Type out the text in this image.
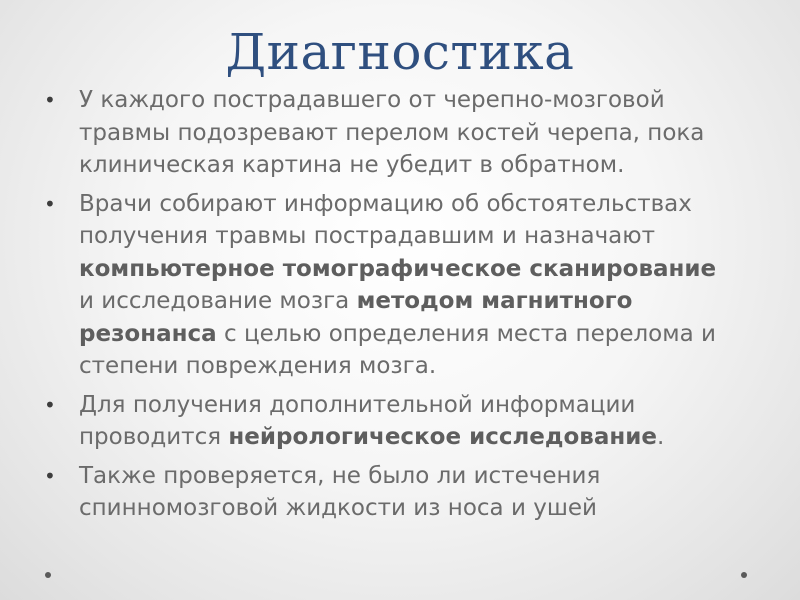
Диагностика
•	У каждого пострадавшего от черепно-мозговой травмы подозревают перелом костей черепа, пока клиническая картина не убедит в обратном.
•	Врачи собирают информацию об обстоятельствах получения травмы пострадавшим и назначают компьютерное томографическое сканирование и исследование мозга методом магнитного резонанса с целью определения места перелома и степени повреждения мозга.
•	Для получения дополнительной информации проводится нейрологическое исследование.
•	Также проверяется, не было ли истечения спинномозговой жидкости из носа и ушей
